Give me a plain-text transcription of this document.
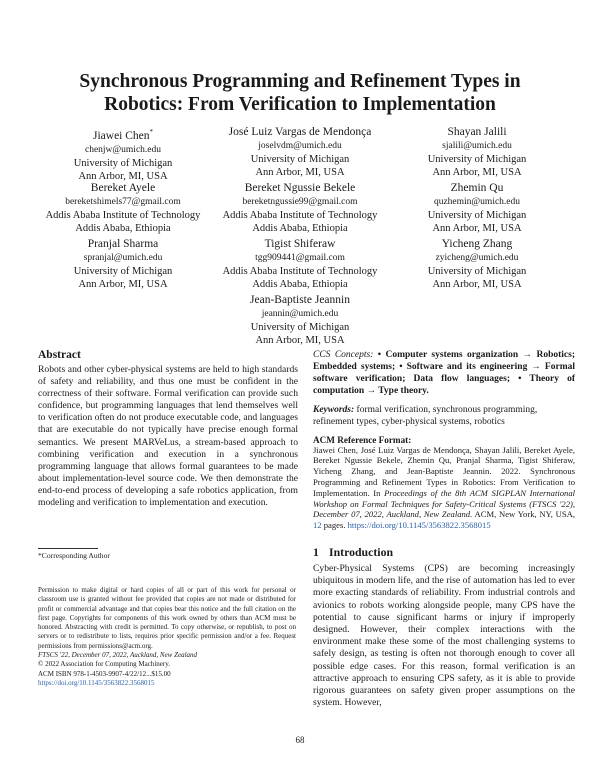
Synchronous Programming and Refinement Types in
Robotics: From Verification to Implementation
Jiawei Chen*
chenjw@umich.edu
University of Michigan
Ann Arbor, MI, USA
José Luiz Vargas de Mendonça
joselvdm@umich.edu
University of Michigan
Ann Arbor, MI, USA
Shayan Jalili
sjalili@umich.edu
University of Michigan
Ann Arbor, MI, USA
Bereket Ayele
bereketshimels77@gmail.com
Addis Ababa Institute of Technology
Addis Ababa, Ethiopia
Bereket Ngussie Bekele
bereketngussie99@gmail.com
Addis Ababa Institute of Technology
Addis Ababa, Ethiopia
Zhemin Qu
quzhemin@umich.edu
University of Michigan
Ann Arbor, MI, USA
Pranjal Sharma
spranjal@umich.edu
University of Michigan
Ann Arbor, MI, USA
Tigist Shiferaw
tgg909441@gmail.com
Addis Ababa Institute of Technology
Addis Ababa, Ethiopia
Yicheng Zhang
zyicheng@umich.edu
University of Michigan
Ann Arbor, MI, USA
Jean-Baptiste Jeannin
jeannin@umich.edu
University of Michigan
Ann Arbor, MI, USA
Abstract
Robots and other cyber-physical systems are held to high standards of safety and reliability, and thus one must be confident in the correctness of their software. Formal verification can provide such confidence, but programming languages that lend themselves well to verification often do not produce executable code, and languages that are executable do not typically have precise enough formal semantics. We present MARVeLus, a stream-based approach to combining verification and execution in a synchronous programming language that allows formal guarantees to be made about implementation-level source code. We then demonstrate the end-to-end process of developing a safe robotics application, from modeling and verification to implementation and execution.
*Corresponding Author
Permission to make digital or hard copies of all or part of this work for personal or classroom use is granted without fee provided that copies are not made or distributed for profit or commercial advantage and that copies bear this notice and the full citation on the first page. Copyrights for components of this work owned by others than ACM must be honored. Abstracting with credit is permitted. To copy otherwise, or republish, to post on servers or to redistribute to lists, requires prior specific permission and/or a fee. Request permissions from permissions@acm.org.
FTSCS '22, December 07, 2022, Auckland, New Zealand
© 2022 Association for Computing Machinery.
ACM ISBN 978-1-4503-9907-4/22/12...$15.00
https://doi.org/10.1145/3563822.3568015
CCS Concepts: • Computer systems organization → Robotics; Embedded systems; • Software and its engineering → Formal software verification; Data flow languages; • Theory of computation → Type theory.
Keywords: formal verification, synchronous programming, refinement types, cyber-physical systems, robotics
ACM Reference Format:
Jiawei Chen, José Luiz Vargas de Mendonça, Shayan Jalili, Bereket Ayele, Bereket Ngussie Bekele, Zhemin Qu, Pranjal Sharma, Tigist Shiferaw, Yicheng Zhang, and Jean-Baptiste Jeannin. 2022. Synchronous Programming and Refinement Types in Robotics: From Verification to Implementation. In Proceedings of the 8th ACM SIGPLAN International Workshop on Formal Techniques for Safety-Critical Systems (FTSCS '22), December 07, 2022, Auckland, New Zealand. ACM, New York, NY, USA, 12 pages. https://doi.org/10.1145/3563822.3568015
1 Introduction
Cyber-Physical Systems (CPS) are becoming increasingly ubiquitous in modern life, and the rise of automation has led to ever more exacting standards of reliability. From industrial controls and avionics to robots working alongside people, many CPS have the potential to cause significant harms or injury if improperly designed. However, their complex interactions with the environment make these some of the most challenging systems to safely design, as testing is often not thorough enough to cover all possible edge cases. For this reason, formal verification is an attractive approach to ensuring CPS safety, as it is able to provide rigorous guarantees on safety given proper assumptions on the system. However,
68
